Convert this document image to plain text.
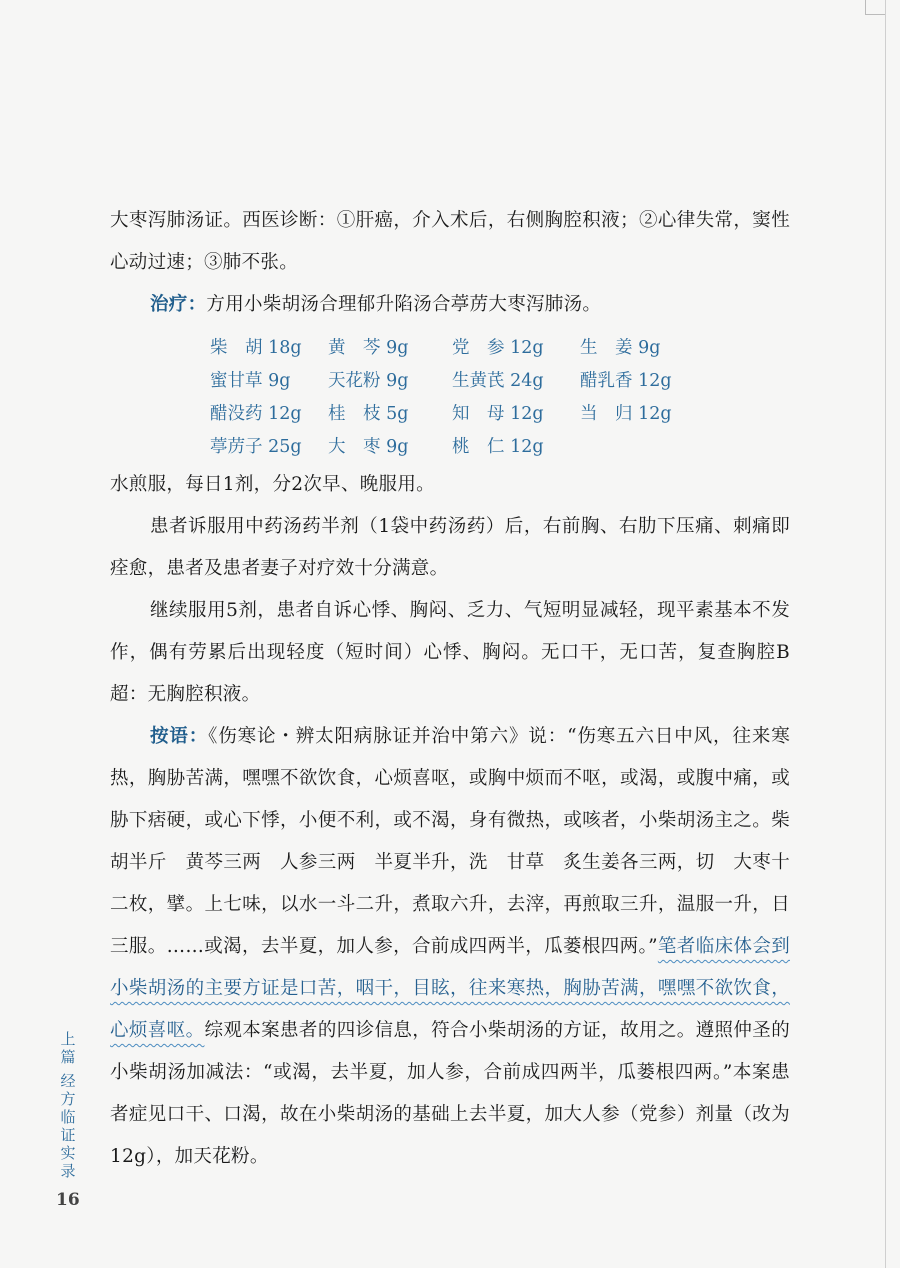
大枣泻肺汤证。西医诊断：①肝癌，介入术后，右侧胸腔积液；②心律失常，窦性心动过速；③肺不张。

治疗：方用小柴胡汤合理郁升陷汤合葶苈大枣泻肺汤。

柴　胡 18g	黄　芩 9g	党　参 12g	生　姜 9g
蜜甘草 9g	天花粉 9g	生黄芪 24g	醋乳香 12g
醋没药 12g	桂　枝 5g	知　母 12g	当　归 12g
葶苈子 25g	大　枣 9g	桃　仁 12g

水煎服，每日1剂，分2次早、晚服用。

患者诉服用中药汤药半剂（1袋中药汤药）后，右前胸、右肋下压痛、刺痛即痊愈，患者及患者妻子对疗效十分满意。

继续服用5剂，患者自诉心悸、胸闷、乏力、气短明显减轻，现平素基本不发作，偶有劳累后出现轻度（短时间）心悸、胸闷。无口干，无口苦，复查胸腔B超：无胸腔积液。

按语：《伤寒论・辨太阳病脉证并治中第六》说：“伤寒五六日中风，往来寒热，胸胁苦满，嘿嘿不欲饮食，心烦喜呕，或胸中烦而不呕，或渴，或腹中痛，或胁下痞硬，或心下悸，小便不利，或不渴，身有微热，或咳者，小柴胡汤主之。柴胡半斤　黄芩三两　人参三两　半夏半升，洗　甘草　炙生姜各三两，切　大枣十二枚，擘。上七味，以水一斗二升，煮取六升，去滓，再煎取三升，温服一升，日三服。……或渴，去半夏，加人参，合前成四两半，瓜蒌根四两。”笔者临床体会到小柴胡汤的主要方证是口苦，咽干，目眩，往来寒热，胸胁苦满，嘿嘿不欲饮食，心烦喜呕。综观本案患者的四诊信息，符合小柴胡汤的方证，故用之。遵照仲圣的小柴胡汤加减法：“或渴，去半夏，加人参，合前成四两半，瓜蒌根四两。”本案患者症见口干、口渴，故在小柴胡汤的基础上去半夏，加大人参（党参）剂量（改为12g），加天花粉。

上篇
经方临证实录
16
